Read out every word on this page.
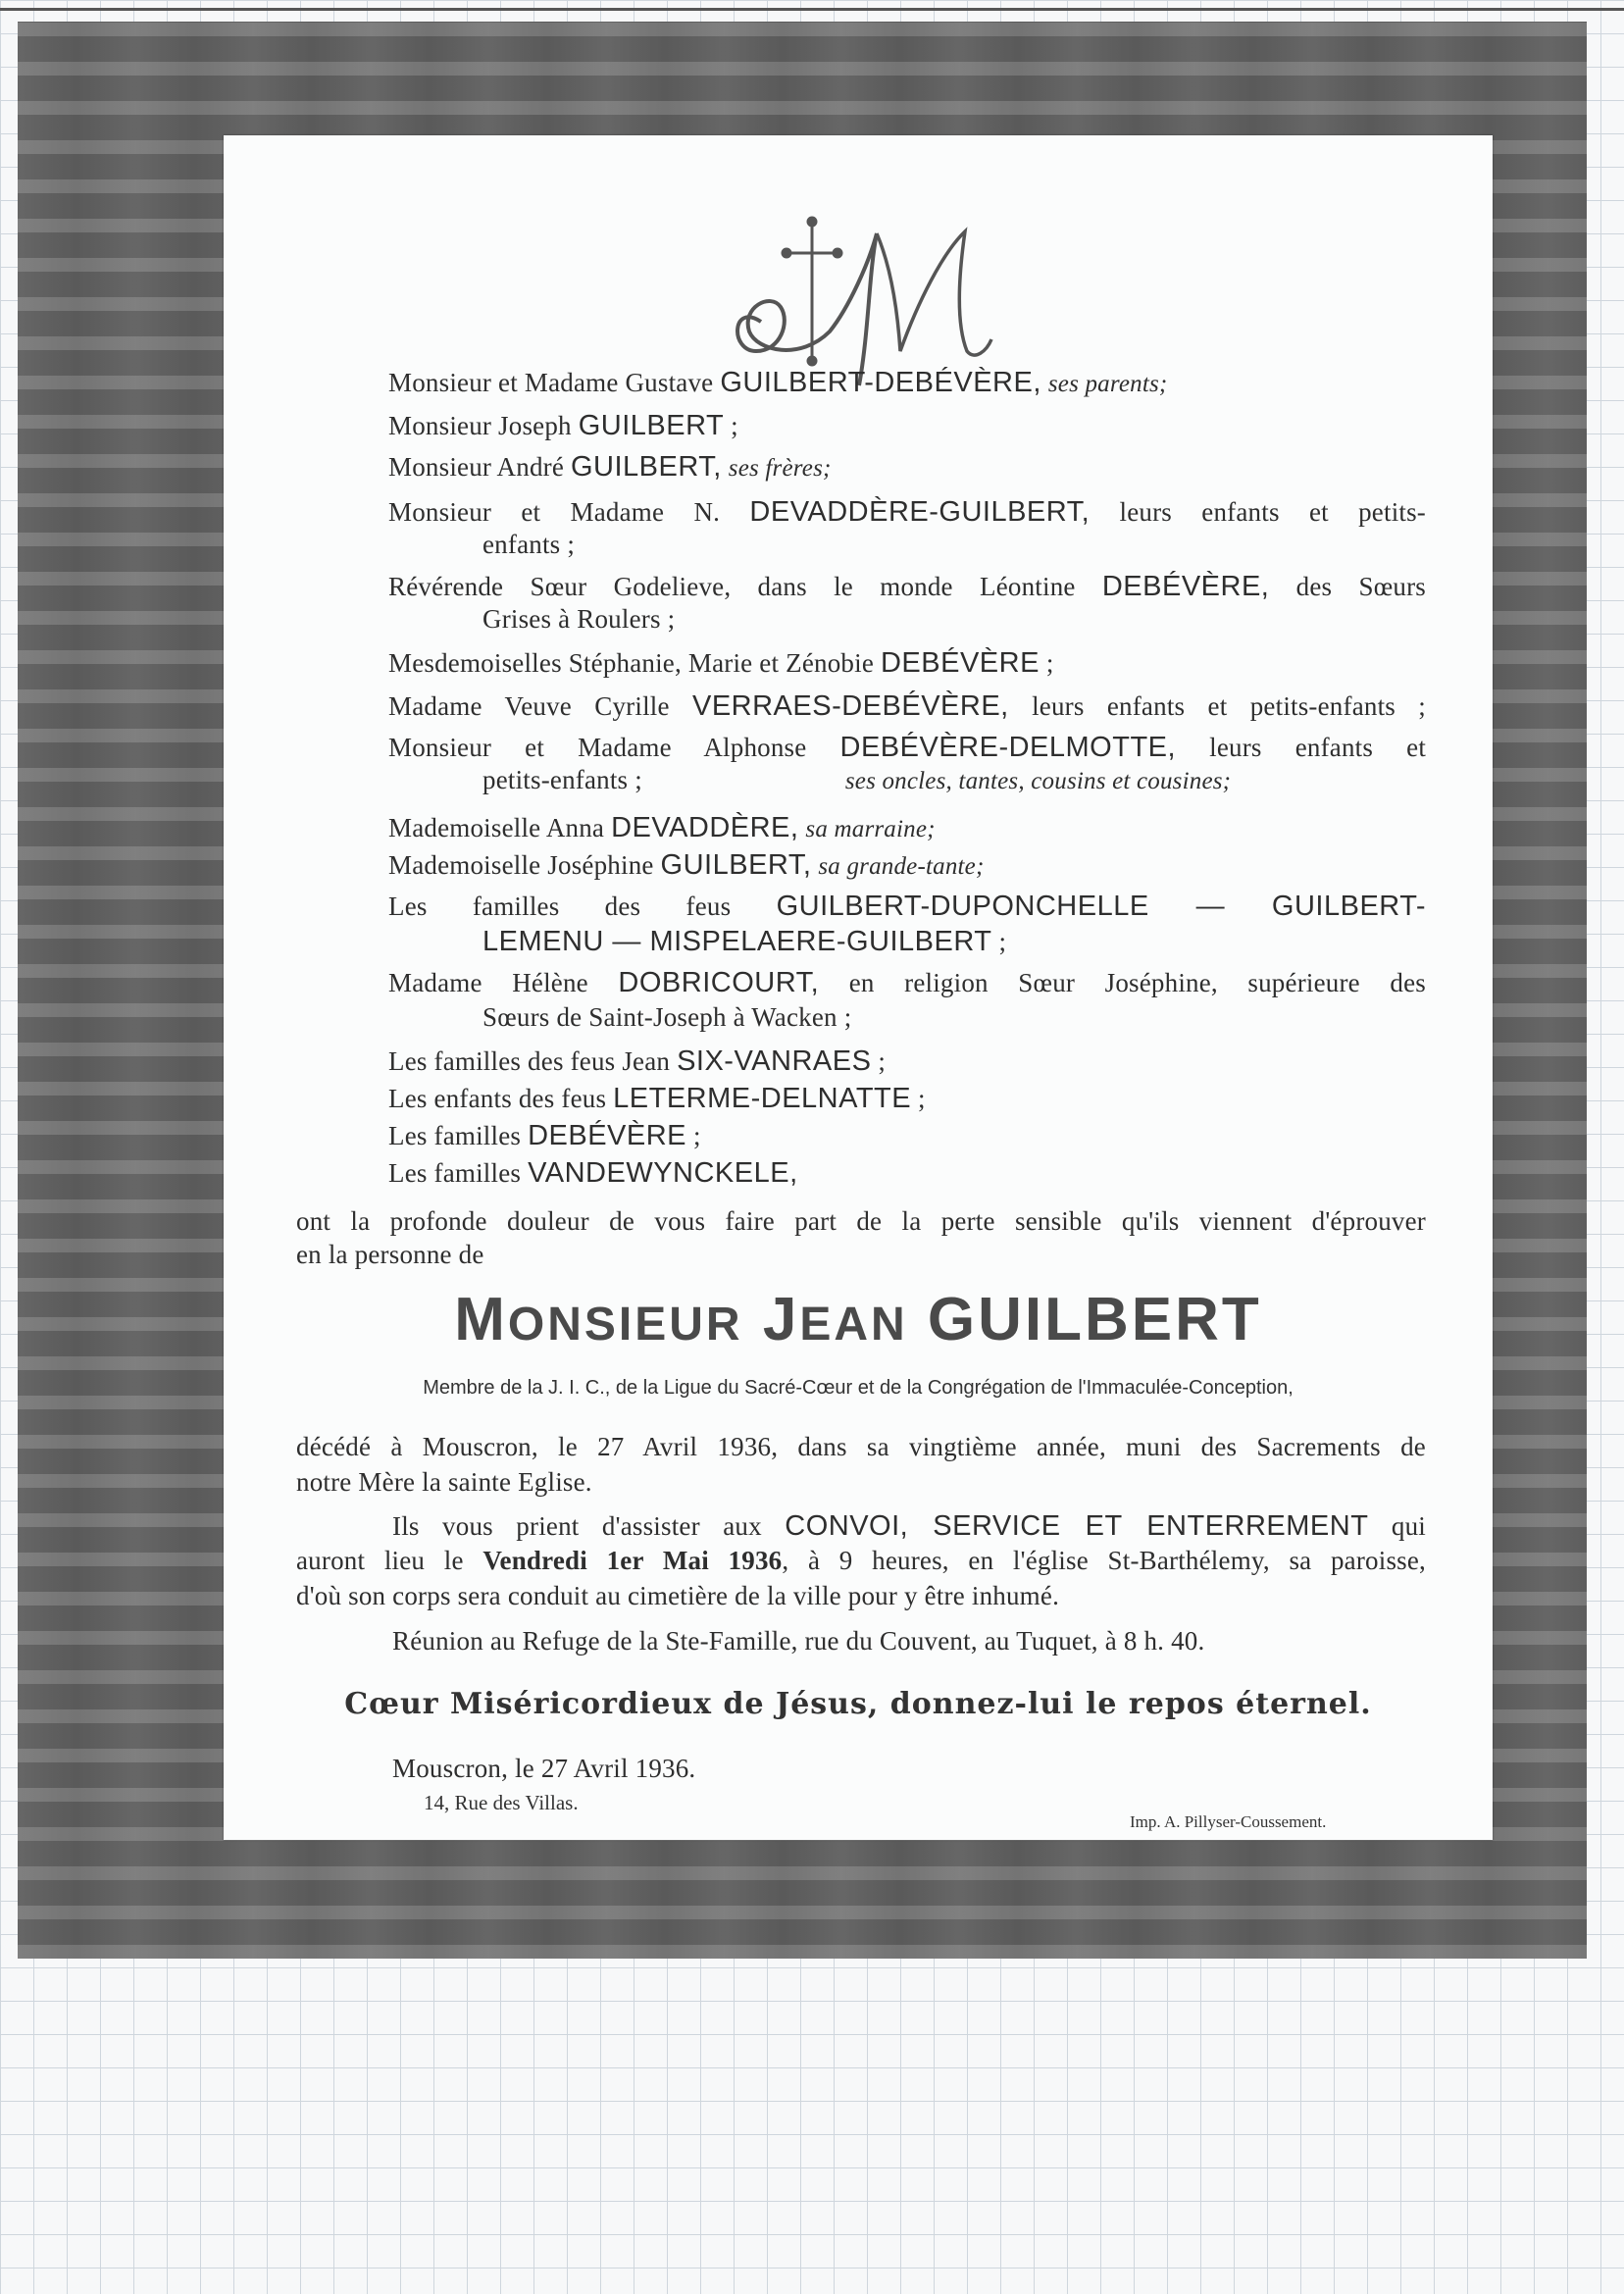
Monsieur et Madame Gustave GUILBERT-DEBÉVÈRE, ses parents;
Monsieur Joseph GUILBERT ;
Monsieur André GUILBERT, ses frères;
Monsieur et Madame N. DEVADDÈRE-GUILBERT, leurs enfants et petits-
enfants ;
Révérende Sœur Godelieve, dans le monde Léontine DEBÉVÈRE, des Sœurs
Grises à Roulers ;
Mesdemoiselles Stéphanie, Marie et Zénobie DEBÉVÈRE ;
Madame Veuve Cyrille VERRAES-DEBÉVÈRE, leurs enfants et petits-enfants ;
Monsieur et Madame Alphonse DEBÉVÈRE-DELMOTTE, leurs enfants et
petits-enfants ;	ses oncles, tantes, cousins et cousines;
Mademoiselle Anna DEVADDÈRE, sa marraine;
Mademoiselle Joséphine GUILBERT, sa grande-tante;
Les familles des feus GUILBERT-DUPONCHELLE — GUILBERT-
LEMENU — MISPELAERE-GUILBERT ;
Madame Hélène DOBRICOURT, en religion Sœur Joséphine, supérieure des
Sœurs de Saint-Joseph à Wacken ;
Les familles des feus Jean SIX-VANRAES ;
Les enfants des feus LETERME-DELNATTE ;
Les familles DEBÉVÈRE ;
Les familles VANDEWYNCKELE,
ont la profonde douleur de vous faire part de la perte sensible qu'ils viennent d'éprouver
en la personne de
MONSIEUR JEAN GUILBERT
Membre de la J. I. C., de la Ligue du Sacré-Cœur et de la Congrégation de l'Immaculée-Conception,
décédé à Mouscron, le 27 Avril 1936, dans sa vingtième année, muni des Sacrements de
notre Mère la sainte Eglise.
Ils vous prient d'assister aux CONVOI, SERVICE ET ENTERREMENT qui
auront lieu le Vendredi 1er Mai 1936, à 9 heures, en l'église St-Barthélemy, sa paroisse,
d'où son corps sera conduit au cimetière de la ville pour y être inhumé.
Réunion au Refuge de la Ste-Famille, rue du Couvent, au Tuquet, à 8 h. 40.
Cœur Miséricordieux de Jésus, donnez-lui le repos éternel.
Mouscron, le 27 Avril 1936.
14, Rue des Villas.
Imp. A. Pillyser-Coussement.
